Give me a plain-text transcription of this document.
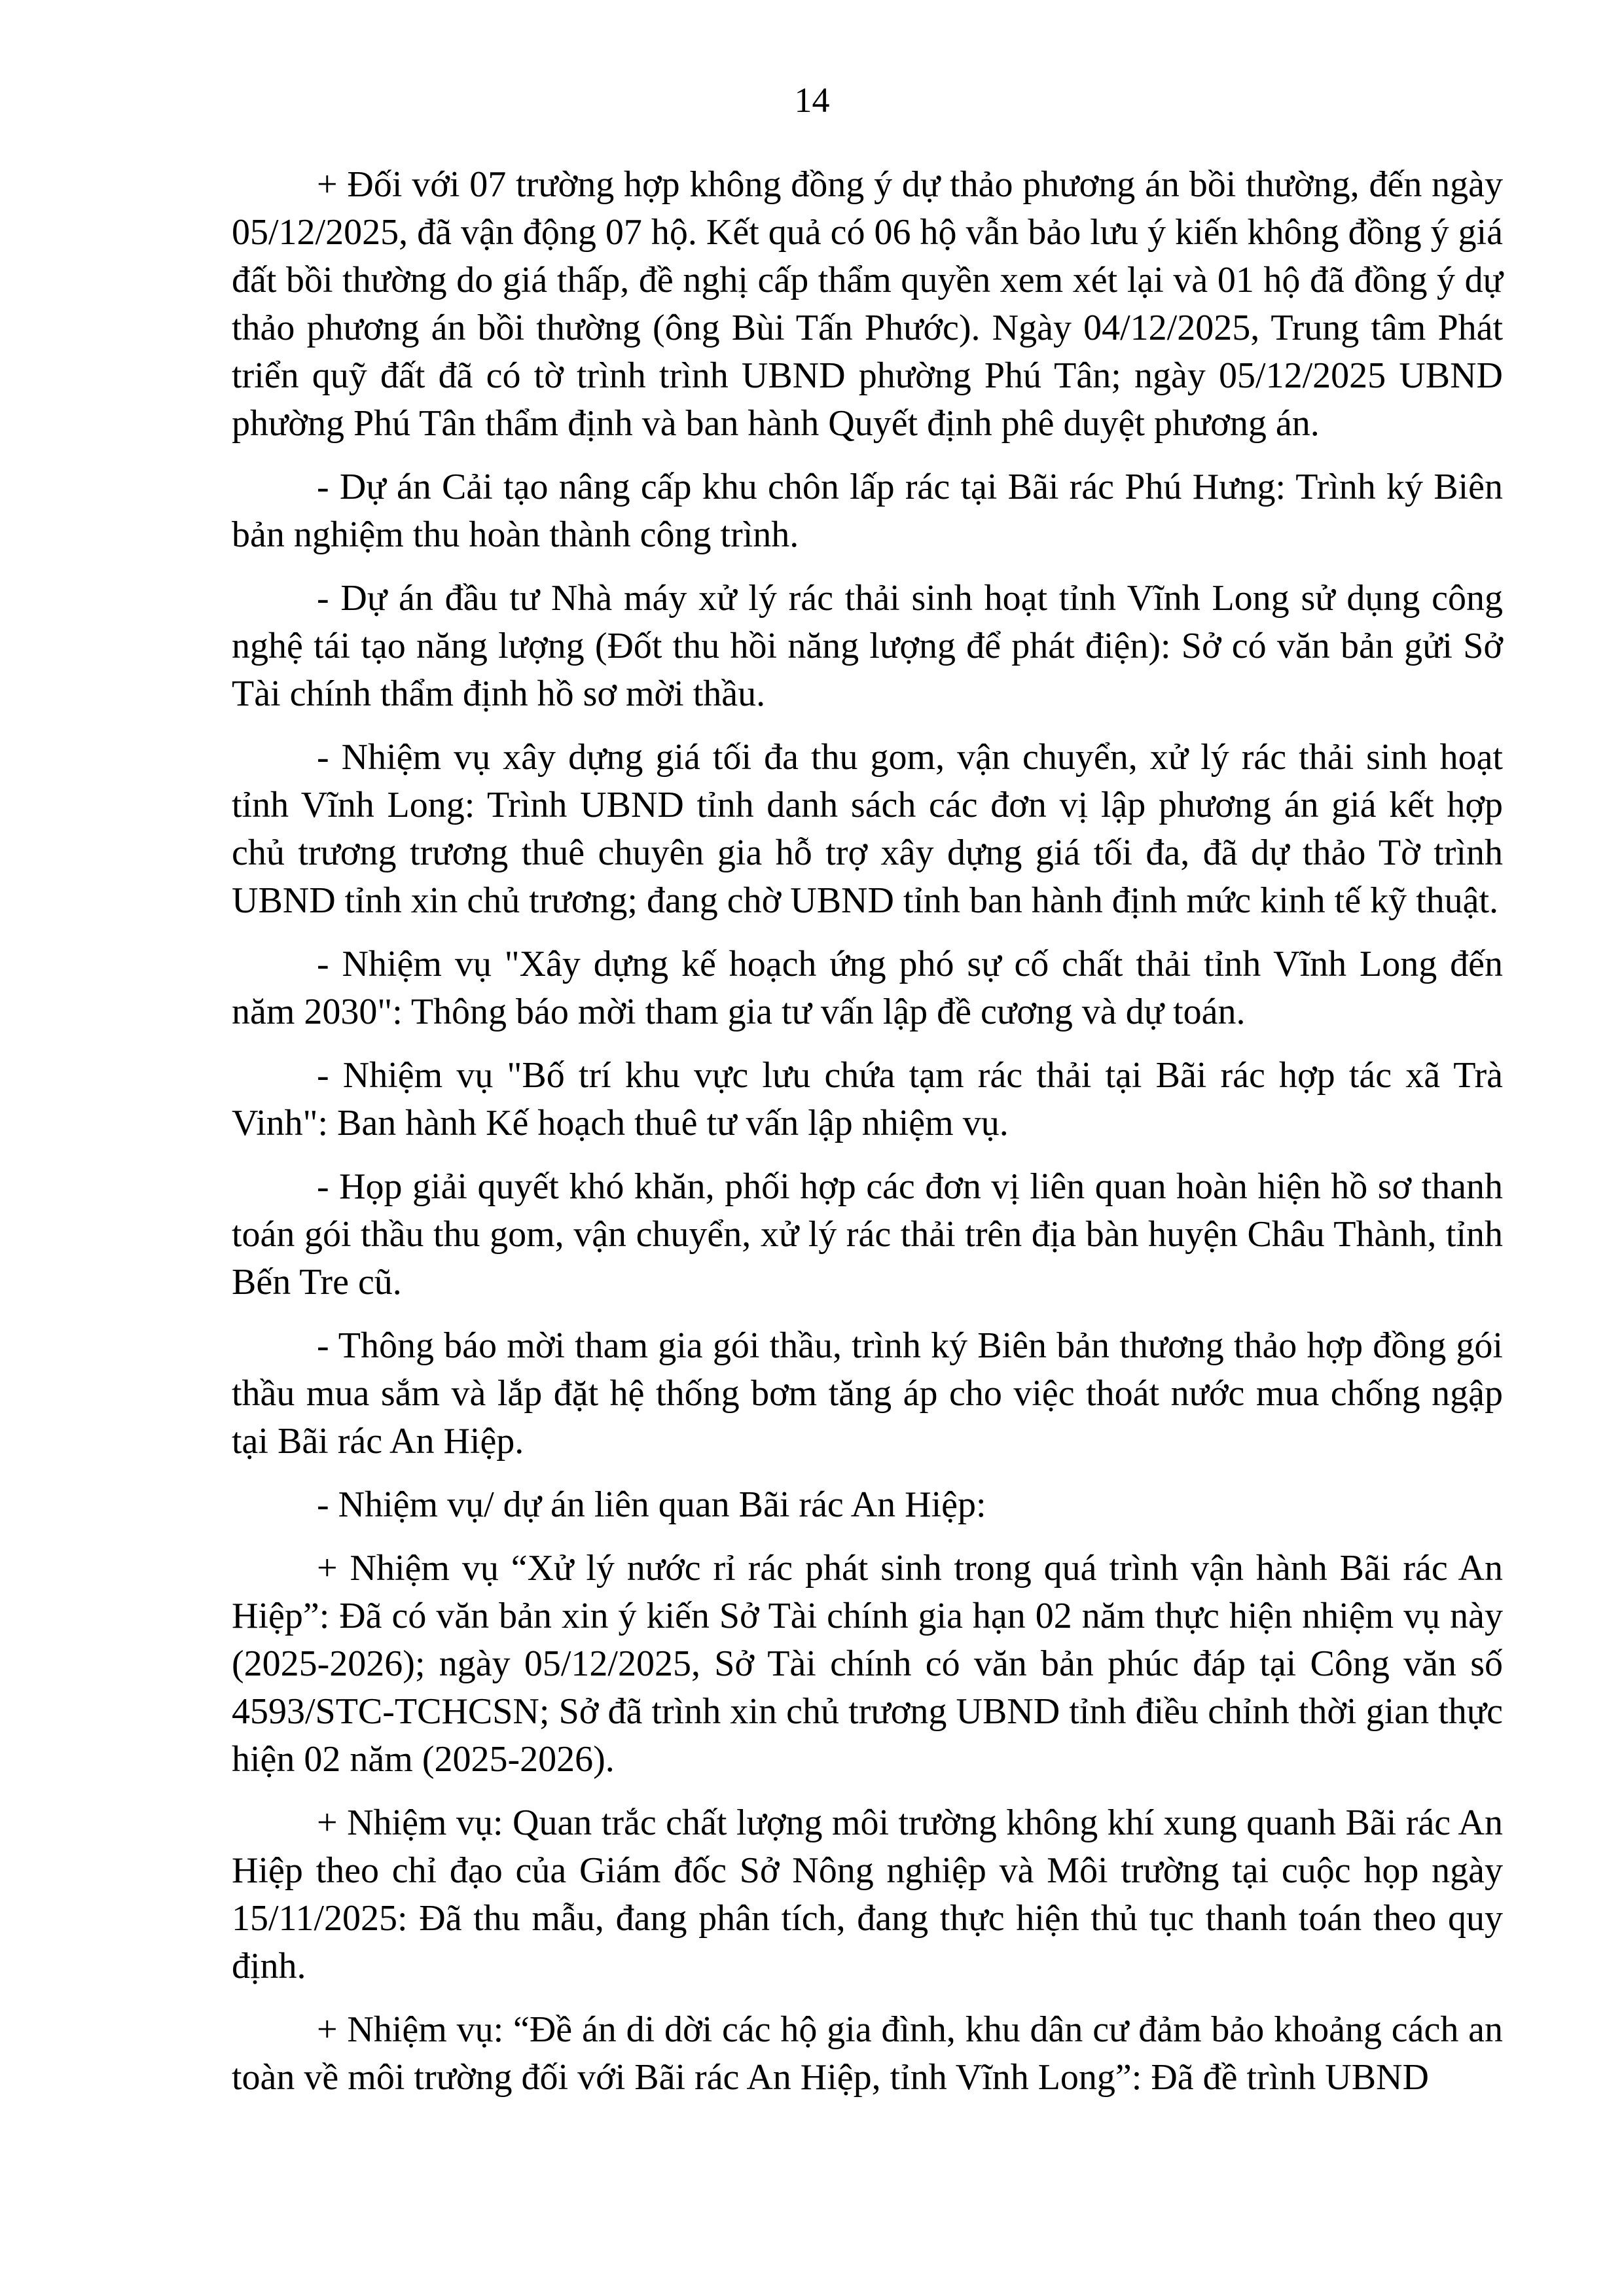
14

+ Đối với 07 trường hợp không đồng ý dự thảo phương án bồi thường, đến ngày 05/12/2025, đã vận động 07 hộ. Kết quả có 06 hộ vẫn bảo lưu ý kiến không đồng ý giá đất bồi thường do giá thấp, đề nghị cấp thẩm quyền xem xét lại và 01 hộ đã đồng ý dự thảo phương án bồi thường (ông Bùi Tấn Phước). Ngày 04/12/2025, Trung tâm Phát triển quỹ đất đã có tờ trình trình UBND phường Phú Tân; ngày 05/12/2025 UBND phường Phú Tân thẩm định và ban hành Quyết định phê duyệt phương án.

- Dự án Cải tạo nâng cấp khu chôn lấp rác tại Bãi rác Phú Hưng: Trình ký Biên bản nghiệm thu hoàn thành công trình.

- Dự án đầu tư Nhà máy xử lý rác thải sinh hoạt tỉnh Vĩnh Long sử dụng công nghệ tái tạo năng lượng (Đốt thu hồi năng lượng để phát điện): Sở có văn bản gửi Sở Tài chính thẩm định hồ sơ mời thầu.

- Nhiệm vụ xây dựng giá tối đa thu gom, vận chuyển, xử lý rác thải sinh hoạt tỉnh Vĩnh Long: Trình UBND tỉnh danh sách các đơn vị lập phương án giá kết hợp chủ trương trương thuê chuyên gia hỗ trợ xây dựng giá tối đa, đã dự thảo Tờ trình UBND tỉnh xin chủ trương; đang chờ UBND tỉnh ban hành định mức kinh tế kỹ thuật.

- Nhiệm vụ "Xây dựng kế hoạch ứng phó sự cố chất thải tỉnh Vĩnh Long đến năm 2030": Thông báo mời tham gia tư vấn lập đề cương và dự toán.

- Nhiệm vụ "Bố trí khu vực lưu chứa tạm rác thải tại Bãi rác hợp tác xã Trà Vinh": Ban hành Kế hoạch thuê tư vấn lập nhiệm vụ.

- Họp giải quyết khó khăn, phối hợp các đơn vị liên quan hoàn hiện hồ sơ thanh toán gói thầu thu gom, vận chuyển, xử lý rác thải trên địa bàn huyện Châu Thành, tỉnh Bến Tre cũ.

- Thông báo mời tham gia gói thầu, trình ký Biên bản thương thảo hợp đồng gói thầu mua sắm và lắp đặt hệ thống bơm tăng áp cho việc thoát nước mua chống ngập tại Bãi rác An Hiệp.

- Nhiệm vụ/ dự án liên quan Bãi rác An Hiệp:

+ Nhiệm vụ “Xử lý nước rỉ rác phát sinh trong quá trình vận hành Bãi rác An Hiệp”: Đã có văn bản xin ý kiến Sở Tài chính gia hạn 02 năm thực hiện nhiệm vụ này (2025-2026); ngày 05/12/2025, Sở Tài chính có văn bản phúc đáp tại Công văn số 4593/STC-TCHCSN; Sở đã trình xin chủ trương UBND tỉnh điều chỉnh thời gian thực hiện 02 năm (2025-2026).

+ Nhiệm vụ: Quan trắc chất lượng môi trường không khí xung quanh Bãi rác An Hiệp theo chỉ đạo của Giám đốc Sở Nông nghiệp và Môi trường tại cuộc họp ngày 15/11/2025: Đã thu mẫu, đang phân tích, đang thực hiện thủ tục thanh toán theo quy định.

+ Nhiệm vụ: “Đề án di dời các hộ gia đình, khu dân cư đảm bảo khoảng cách an toàn về môi trường đối với Bãi rác An Hiệp, tỉnh Vĩnh Long”: Đã đề trình UBND
